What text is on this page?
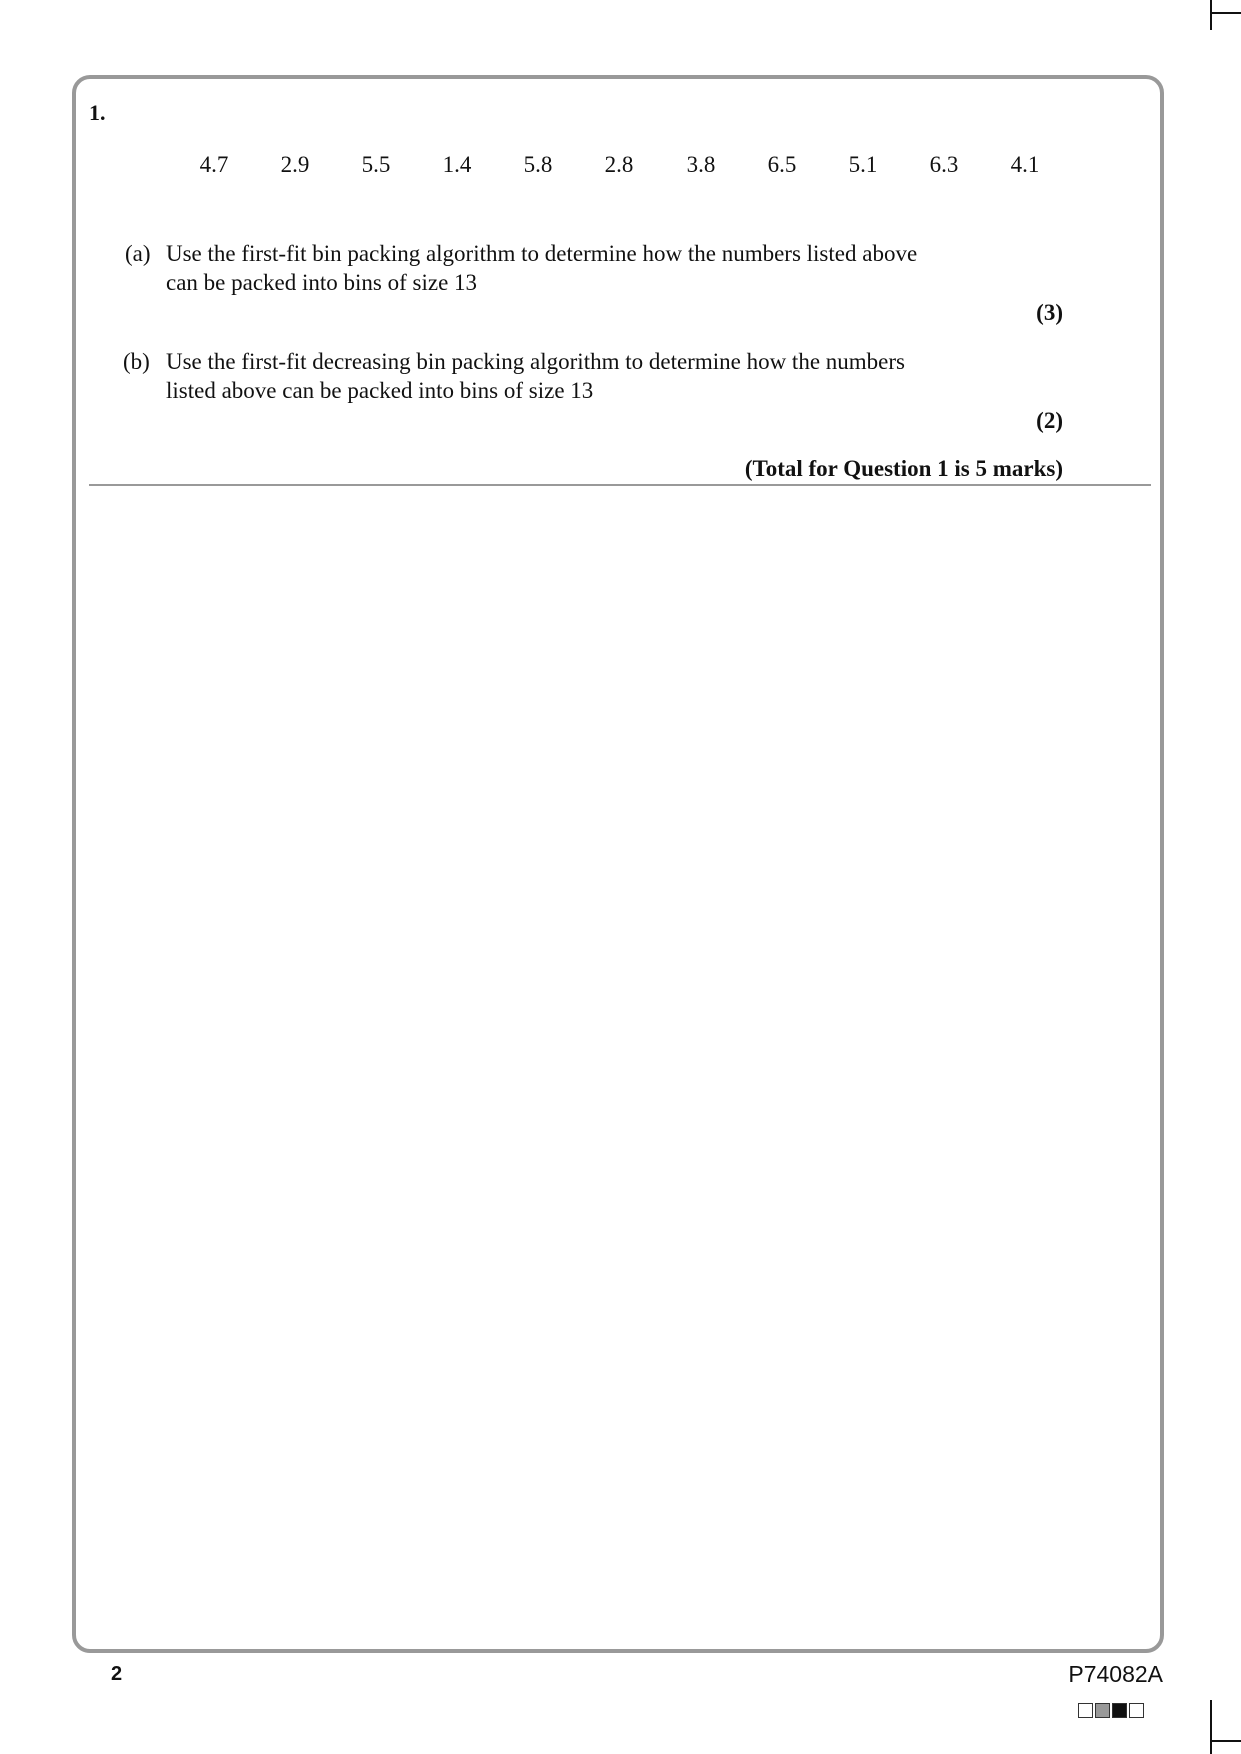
1.
4.7	2.9	5.5	1.4	5.8	2.8	3.8	6.5	5.1	6.3	4.1
(a) Use the first-fit bin packing algorithm to determine how the numbers listed above
can be packed into bins of size 13
(3)
(b) Use the first-fit decreasing bin packing algorithm to determine how the numbers
listed above can be packed into bins of size 13
(2)
(Total for Question 1 is 5 marks)
2	P74082A
